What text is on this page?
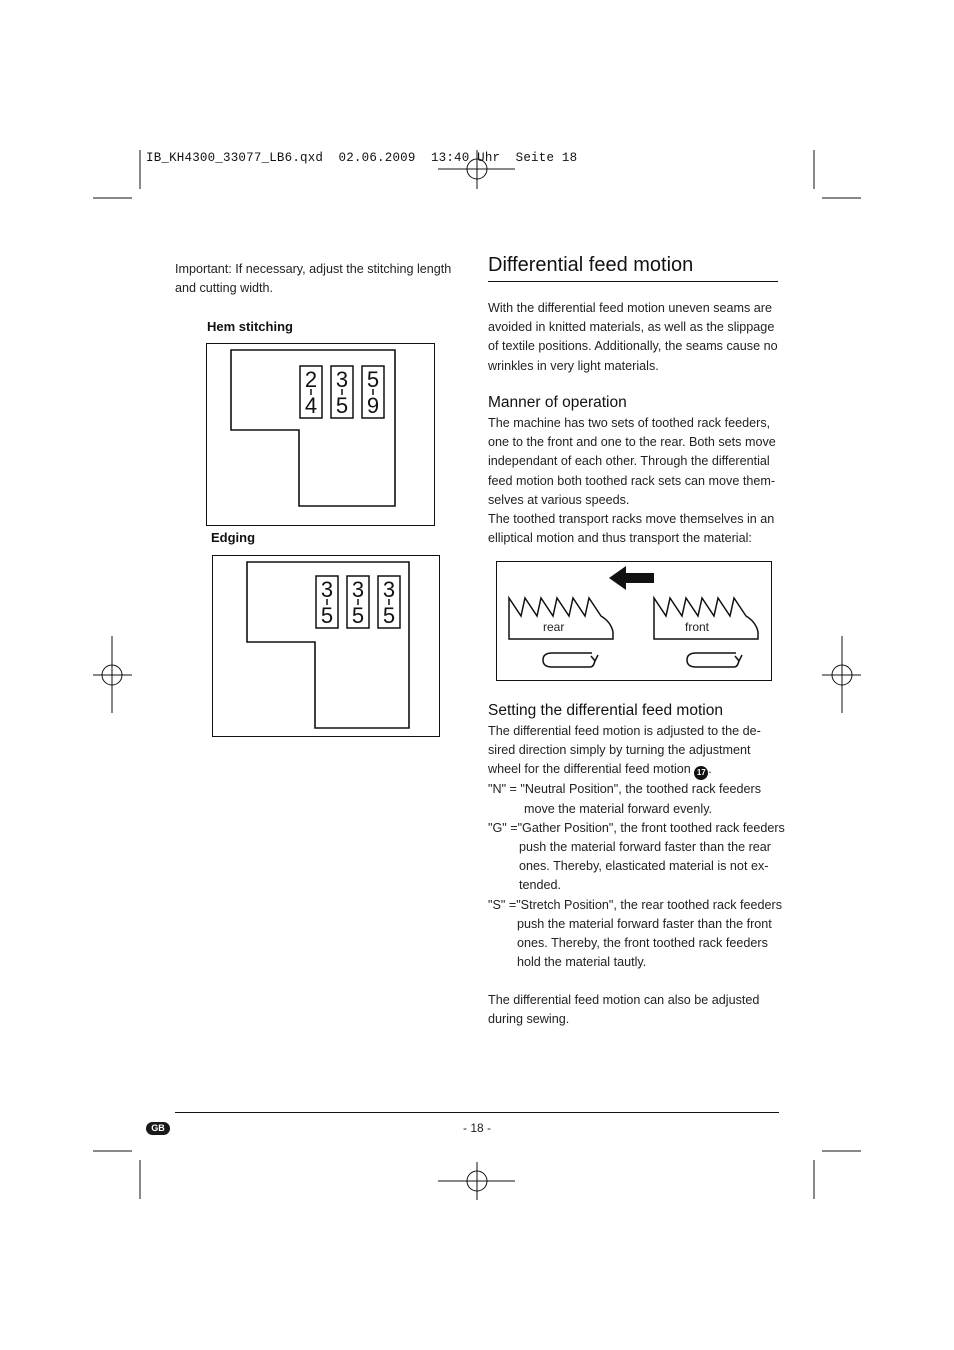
IB_KH4300_33077_LB6.qxd  02.06.2009  13:40 Uhr  Seite 18

Important: If necessary, adjust the stitching length

and cutting width.

Hem stitching
2
4
3
5
5
9
Edging
3
5
3
5
3
5
Differential feed motion

With the differential feed motion uneven seams are

avoided in knitted materials, as well as the slippage

of textile positions. Additionally, the seams cause no

wrinkles in very light materials.

Manner of operation

The machine has two sets of toothed rack feeders,

one to the front and one to the rear. Both sets move

independant of each other. Through the differential

feed motion both toothed rack sets can move them-

selves at various speeds.

The toothed transport racks move themselves in an

elliptical motion and thus transport the material:

rear	front
Setting the differential feed motion

The differential feed motion is adjusted to the de-

sired direction simply by turning the adjustment

wheel for the differential feed motion 17 .

"N" = "Neutral Position", the toothed rack feeders

move the material forward evenly.

"G" ="Gather Position", the front toothed rack feeders

push the material forward faster than the rear

ones. Thereby, elasticated material is not ex-

tended.

"S" ="Stretch Position", the rear toothed rack feeders

push the material forward faster than the front

ones. Thereby, the front toothed rack feeders

hold the material tautly.

The differential feed motion can also be adjusted

during sewing.

GB	- 18 -
